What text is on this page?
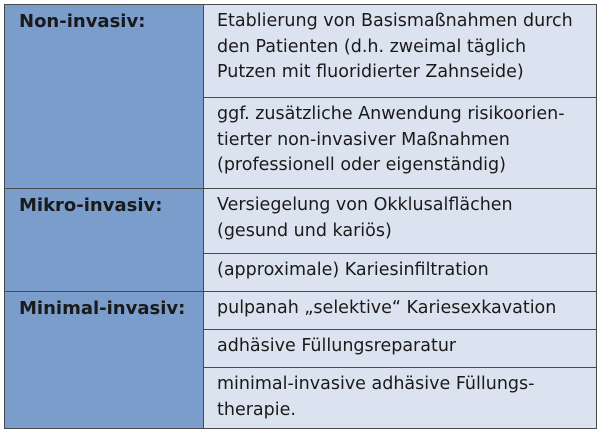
Non-invasiv:	Etablierung von Basismaßnahmen durch
den Patienten (d.h. zweimal täglich
Putzen mit fluoridierter Zahnseide)

	ggf. zusätzliche Anwendung risikoorien-
tierter non-invasiver Maßnahmen
(professionell oder eigenständig)

Mikro-invasiv:	Versiegelung von Okklusalflächen
(gesund und kariös)

	(approximale) Kariesinfiltration

Minimal-invasiv:	pulpanah „selektive“ Kariesexkavation

	adhäsive Füllungsreparatur

	minimal-invasive adhäsive Füllungs-
therapie.
